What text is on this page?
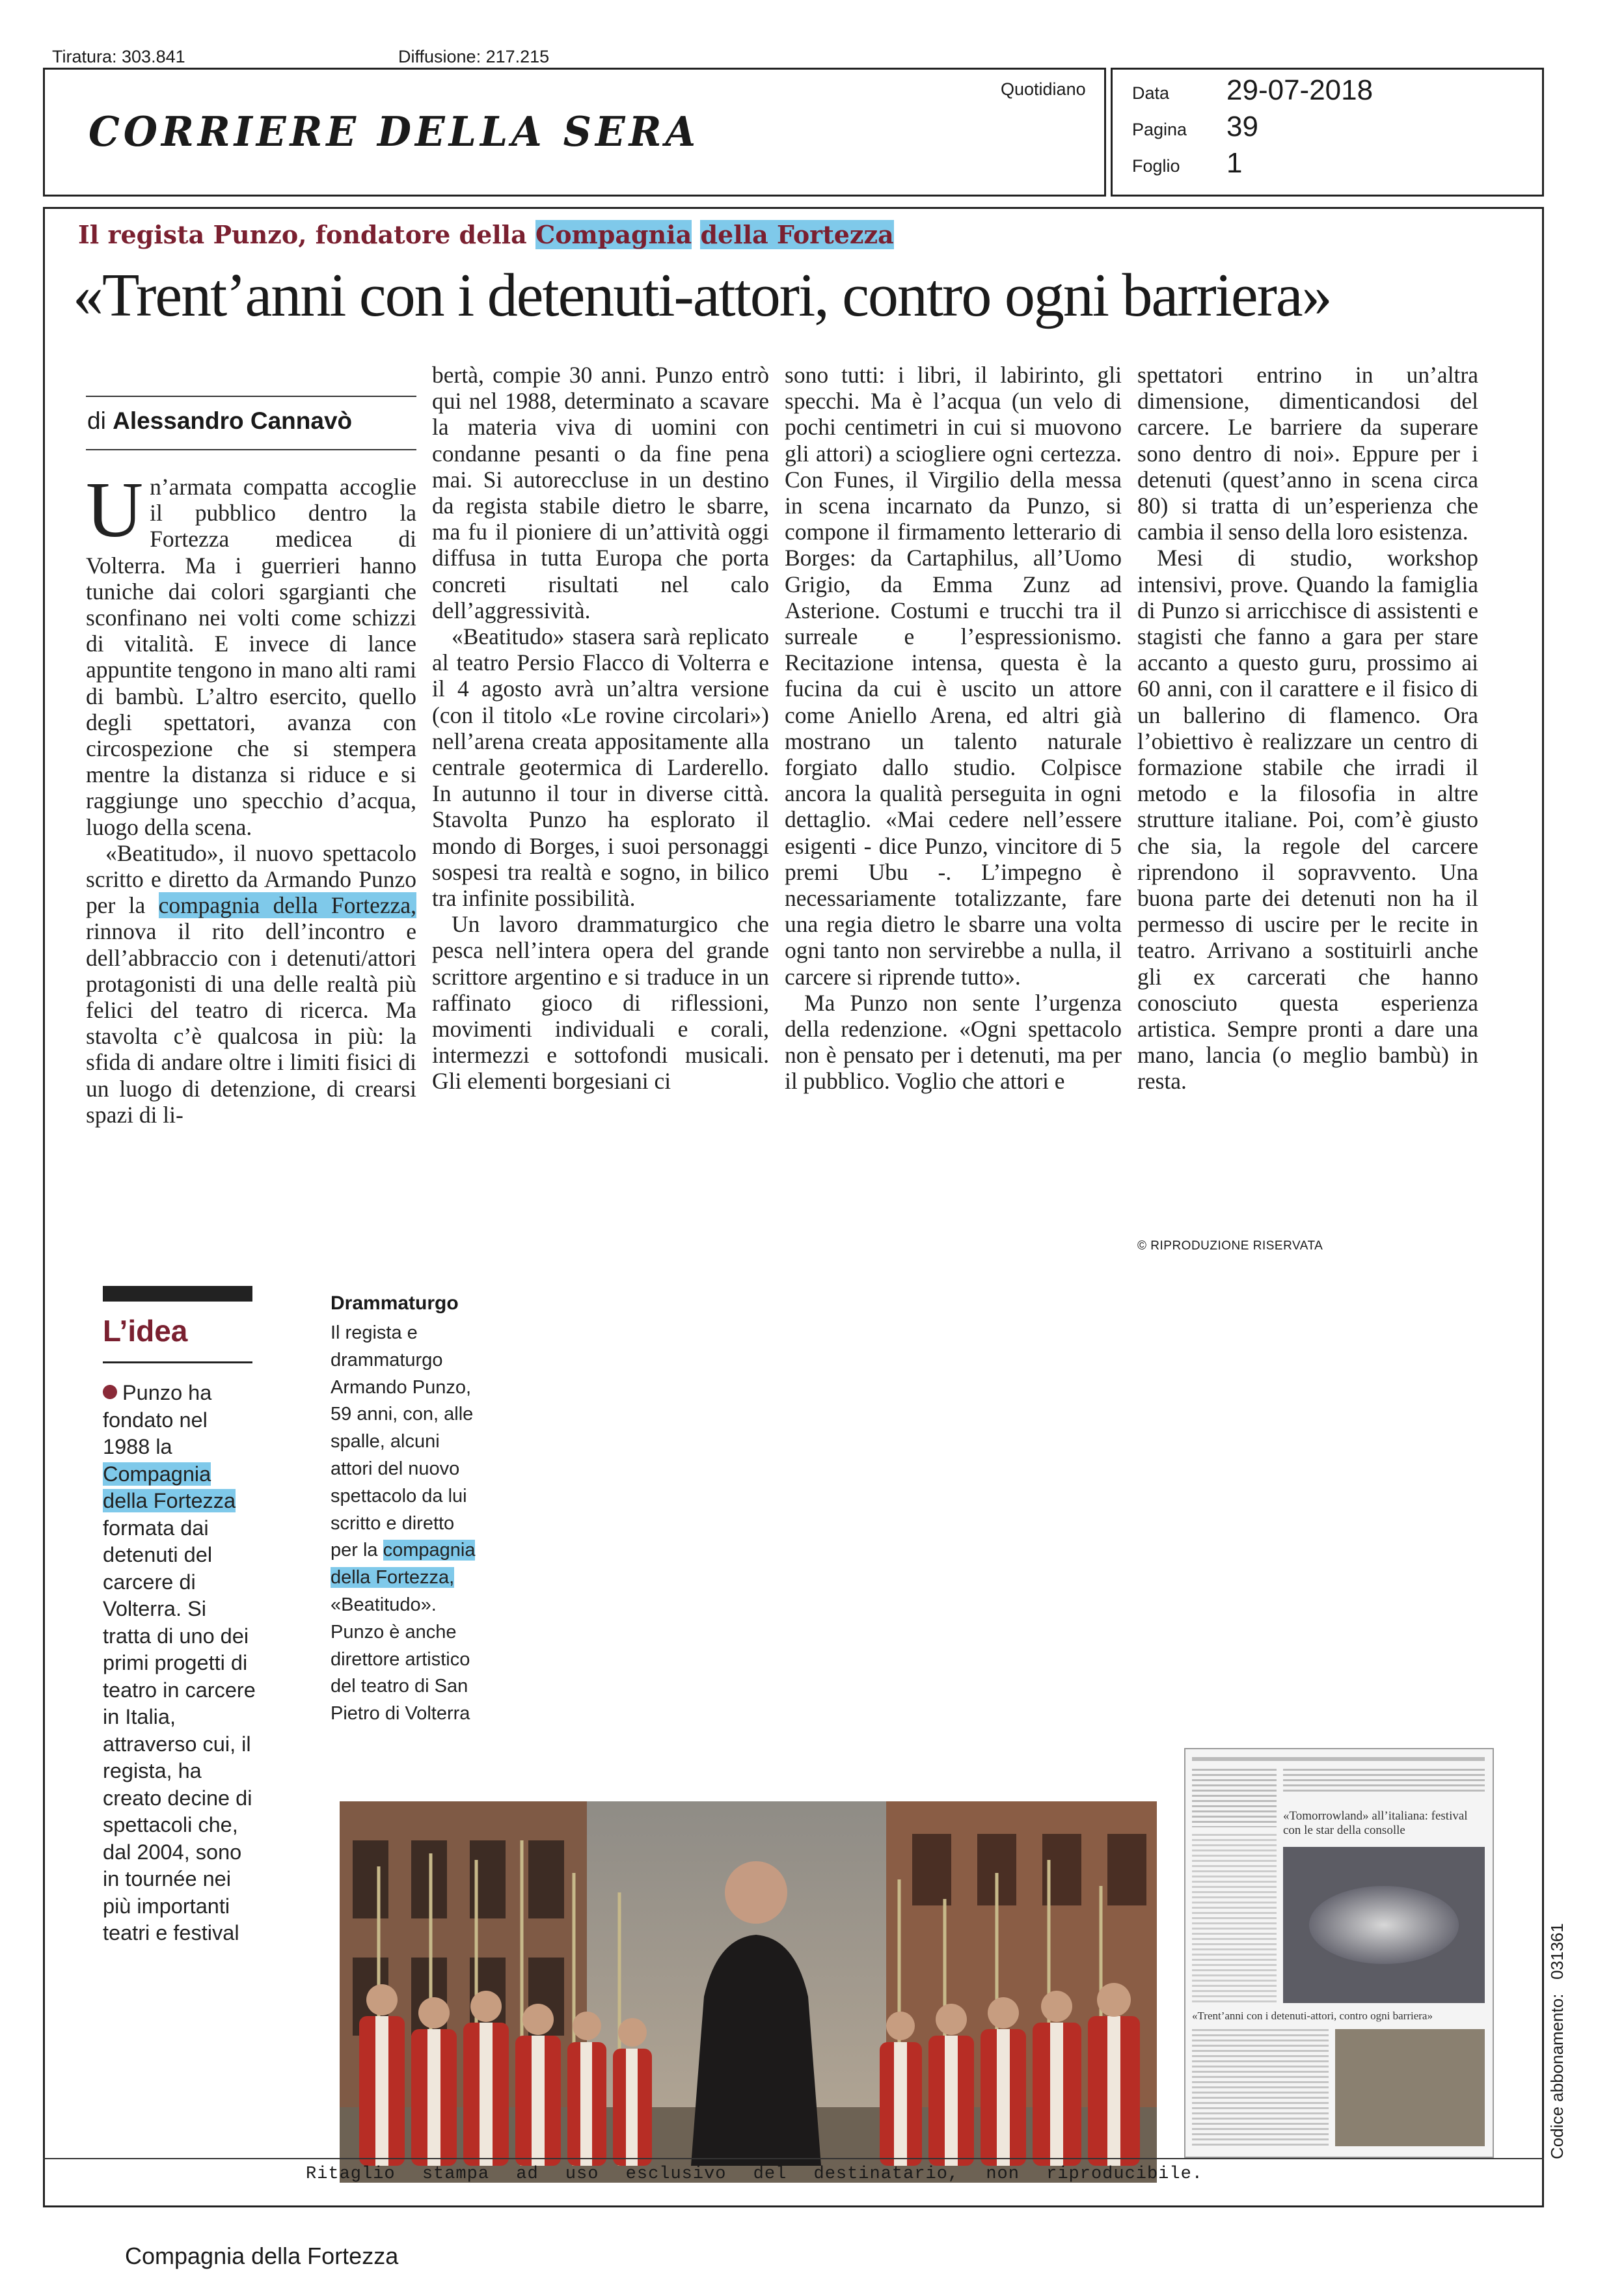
Tiratura: 303.841	Diffusione: 217.215
CORRIERE DELLA SERA
Quotidiano	Data 29-07-2018
Pagina 39
Foglio 1
Il regista Punzo, fondatore della Compagnia della Fortezza
«Trent’anni con i detenuti-attori, contro ogni barriera»
di Alessandro Cannavò

Un’armata compatta accoglie il pubblico dentro la Fortezza medicea di Volterra. Ma i guerrieri hanno tuniche dai colori sgargianti che sconfinano nei volti come schizzi di vitalità. E invece di lance appuntite tengono in mano alti rami di bambù. L’altro esercito, quello degli spettatori, avanza con circospezione che si stempera mentre la distanza si riduce e si raggiunge uno specchio d’acqua, luogo della scena.

«Beatitudo», il nuovo spettacolo scritto e diretto da Armando Punzo per la compagnia della Fortezza, rinnova il rito dell’incontro e dell’abbraccio con i detenuti/attori protagonisti di una delle realtà più felici del teatro di ricerca. Ma stavolta c’è qualcosa in più: la sfida di andare oltre i limiti fisici di un luogo di detenzione, di crearsi spazi di li-

bertà, compie 30 anni. Punzo entrò qui nel 1988, determinato a scavare la materia viva di uomini con condanne pesanti o da fine pena mai. Si autoreccluse in un destino da regista stabile dietro le sbarre, ma fu il pioniere di un’attività oggi diffusa in tutta Europa che porta concreti risultati nel calo dell’aggressività.

«Beatitudo» stasera sarà replicato al teatro Persio Flacco di Volterra e il 4 agosto avrà un’altra versione (con il titolo «Le rovine circolari») nell’arena creata appositamente alla centrale geotermica di Larderello. In autunno il tour in diverse città. Stavolta Punzo ha esplorato il mondo di Borges, i suoi personaggi sospesi tra realtà e sogno, in bilico tra infinite possibilità.

Un lavoro drammaturgico che pesca nell’intera opera del grande scrittore argentino e si traduce in un raffinato gioco di riflessioni, movimenti individuali e corali, intermezzi e sottofondi musicali. Gli elementi borgesiani ci

sono tutti: i libri, il labirinto, gli specchi. Ma è l’acqua (un velo di pochi centimetri in cui si muovono gli attori) a sciogliere ogni certezza. Con Funes, il Virgilio della messa in scena incarnato da Punzo, si compone il firmamento letterario di Borges: da Cartaphilus, all’Uomo Grigio, da Emma Zunz ad Asterione. Costumi e trucchi tra il surreale e l’espressionismo. Recitazione intensa, questa è la fucina da cui è uscito un attore come Aniello Arena, ed altri già mostrano un talento naturale forgiato dallo studio. Colpisce ancora la qualità perseguita in ogni dettaglio. «Mai cedere nell’essere esigenti - dice Punzo, vincitore di 5 premi Ubu -. L’impegno è necessariamente totalizzante, fare una regia dietro le sbarre una volta ogni tanto non servirebbe a nulla, il carcere si riprende tutto».

Ma Punzo non sente l’urgenza della redenzione. «Ogni spettacolo non è pensato per i detenuti, ma per il pubblico. Voglio che attori e

spettatori entrino in un’altra dimensione, dimenticandosi del carcere. Le barriere da superare sono dentro di noi». Eppure per i detenuti (quest’anno in scena circa 80) si tratta di un’esperienza che cambia il senso della loro esistenza.

Mesi di studio, workshop intensivi, prove. Quando la famiglia di Punzo si arricchisce di assistenti e stagisti che fanno a gara per stare accanto a questo guru, prossimo ai 60 anni, con il carattere e il fisico di un ballerino di flamenco. Ora l’obiettivo è realizzare un centro di formazione stabile che irradi il metodo e la filosofia in altre strutture italiane. Poi, com’è giusto che sia, la regole del carcere riprendono il sopravvento. Una buona parte dei detenuti non ha il permesso di uscire per le recite in teatro. Arrivano a sostituirli anche gli ex carcerati che hanno conosciuto questa esperienza artistica. Sempre pronti a dare una mano, lancia (o meglio bambù) in resta.

© RIPRODUZIONE RISERVATA
L’idea
Punzo ha fondato nel 1988 la Compagnia della Fortezza formata dai detenuti del carcere di Volterra. Si tratta di uno dei primi progetti di teatro in carcere in Italia, attraverso cui, il regista, ha creato decine di spettacoli che, dal 2004, sono in tournée nei più importanti teatri e festival
Drammaturgo
Il regista e drammaturgo Armando Punzo, 59 anni, con, alle spalle, alcuni attori del nuovo spettacolo da lui scritto e diretto per la compagnia della Fortezza, «Beatitudo». Punzo è anche direttore artistico del teatro di San Pietro di Volterra
«Tomorrowland» all’italiana: festival con le star della consolle
«Trent’anni con i detenuti-attori, contro ogni barriera»	Codice abbonamento:   031361
Ritaglio stampa ad uso esclusivo del destinatario, non riproducibile.
Compagnia della Fortezza
